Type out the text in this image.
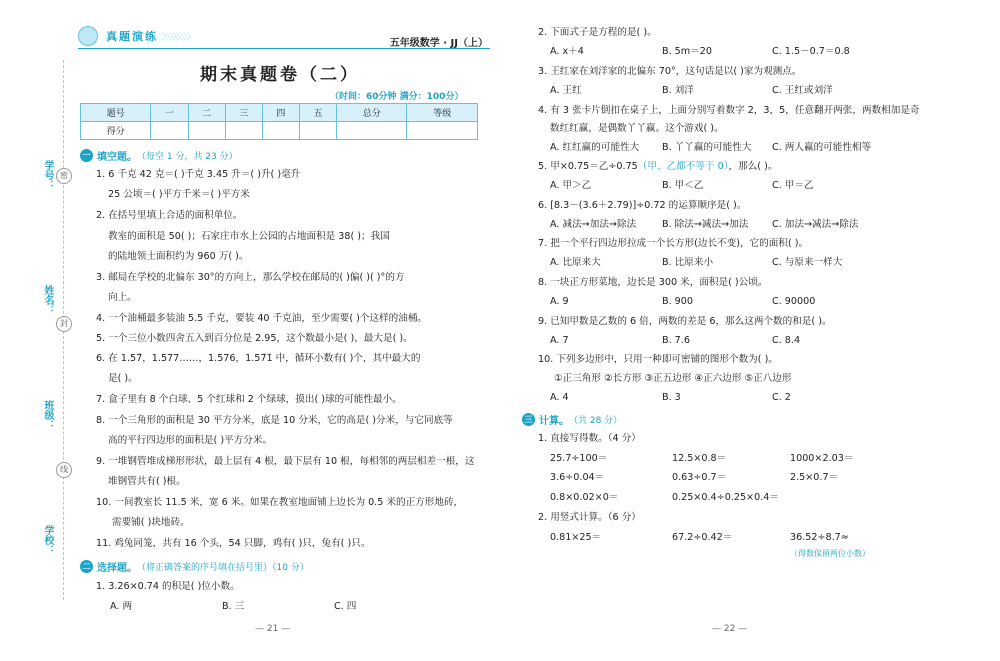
学号：
姓名：
班级：
学校：
密
封
线
真题演练 〉〉〉〉〉〉〉〉
五年级数学 · JJ（上）
期末真题卷（二）
（时间：60分钟 满分：100分）
题号	一	二	三	四	五	总分	等级
得分							
一 填空题。 （每空 1 分，共 23 分）
1. 6 千克 42 克＝( )千克 3.45 升＝( )升( )毫升
25 公顷＝( )平方千米＝( )平方米
2. 在括号里填上合适的面积单位。
教室的面积是 50( )；石家庄市水上公园的占地面积是 38( )；我国
的陆地领土面积约为 960 万( )。
3. 邮局在学校的北偏东 30°的方向上，那么学校在邮局的( )偏( )( )°的方
向上。
4. 一个油桶最多装油 5.5 千克，要装 40 千克油，至少需要( )个这样的油桶。
5. 一个三位小数四舍五入到百分位是 2.95，这个数最小是( )，最大是( )。
6. 在 1.57̇，1.577……，1.576，1.57̇1̇ 中，循环小数有( )个，其中最大的
是( )。
7. 盒子里有 8 个白球、5 个红球和 2 个绿球，摸出( )球的可能性最小。
8. 一个三角形的面积是 30 平方分米，底是 10 分米，它的高是( )分米，与它同底等
高的平行四边形的面积是( )平方分米。
9. 一堆钢管堆成梯形形状，最上层有 4 根，最下层有 10 根，每相邻的两层相差一根，这
堆钢管共有( )根。
10. 一间教室长 11.5 米，宽 6 米。如果在教室地面铺上边长为 0.5 米的正方形地砖，
需要铺( )块地砖。
11. 鸡兔同笼，共有 16 个头，54 只脚，鸡有( )只，兔有( )只。
二 选择题。 （将正确答案的序号填在括号里）（10 分）
1. 3.26×0.74 的积是( )位小数。
A. 两	B. 三	C. 四
— 21 —
2. 下面式子是方程的是( )。
A. x＋4	B. 5m＝20	C. 1.5－0.7＝0.8
3. 王红家在刘洋家的北偏东 70°，这句话是以( )家为观测点。
A. 王红	B. 刘洋	C. 王红或刘洋
4. 有 3 张卡片倒扣在桌子上，上面分别写着数字 2，3，5，任意翻开两张，两数相加是奇
数红红赢，是偶数丫丫赢。这个游戏( )。
A. 红红赢的可能性大 B. 丫丫赢的可能性大 C. 两人赢的可能性相等
5. 甲×0.75＝乙÷0.75（甲、乙都不等于 0），那么( )。
A. 甲＞乙	B. 甲＜乙	C. 甲＝乙
6. [8.3－(3.6＋2.79)]÷0.72 的运算顺序是( )。
A. 减法→加法→除法	B. 除法→减法→加法 C. 加法→减法→除法
7. 把一个平行四边形拉成一个长方形(边长不变)，它的面积( )。
A. 比原来大	B. 比原来小	C. 与原来一样大
8. 一块正方形菜地，边长是 300 米，面积是( )公顷。
A. 9	B. 900	C. 90000
9. 已知甲数是乙数的 6 倍，两数的差是 6，那么这两个数的和是( )。
A. 7	B. 7.6	C. 8.4
10. 下列多边形中，只用一种即可密铺的图形个数为( )。
①正三角形 ②长方形 ③正五边形 ④正六边形 ⑤正八边形
A. 4	B. 3	C. 2
三 计算。 （共 28 分）
1. 直接写得数。（4 分）
25.7÷100＝	12.5×0.8＝	1000×2.03＝
3.6÷0.04＝	0.63÷0.7＝	2.5×0.7＝
0.8×0.02×0＝	0.25×0.4÷0.25×0.4＝
2. 用竖式计算。（6 分）
0.81×25＝	67.2÷0.42＝	36.52÷8.7≈
（得数保留两位小数）
— 22 —
